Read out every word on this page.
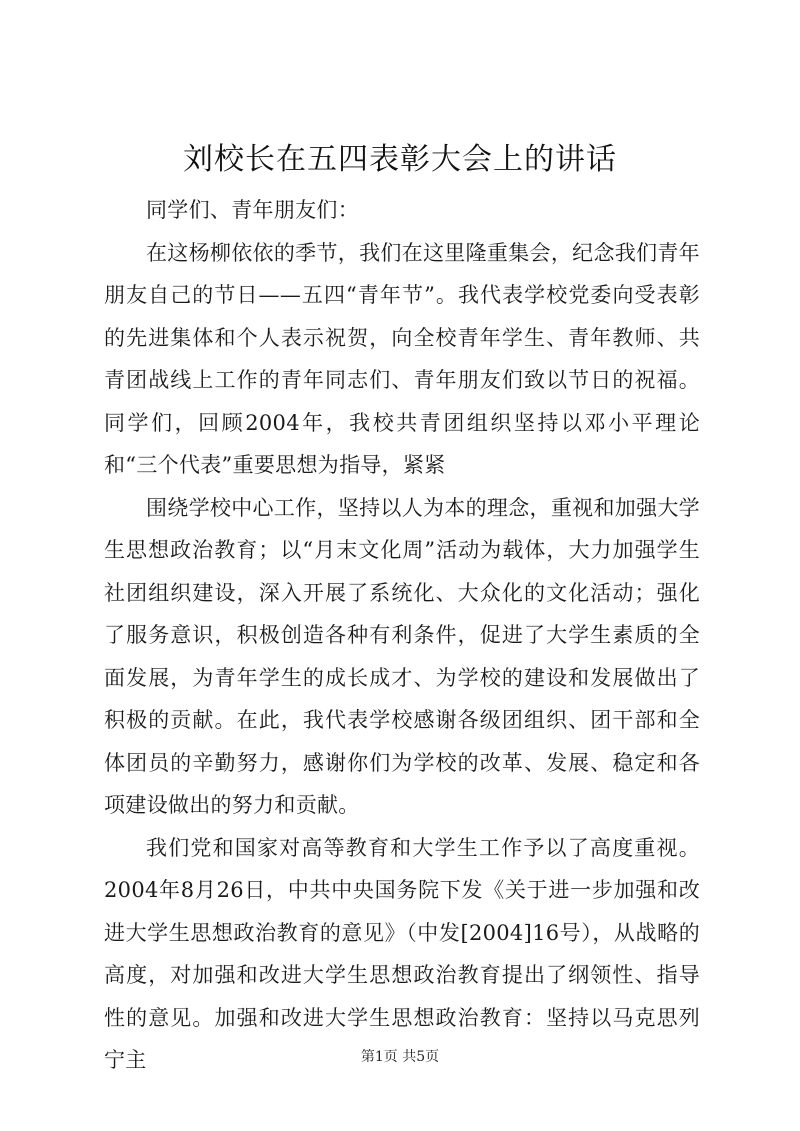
刘校长在五四表彰大会上的讲话

同学们、青年朋友们：

在这杨柳依依的季节，我们在这里隆重集会，纪念我们青年朋友自己的节日——五四“青年节”。我代表学校党委向受表彰的先进集体和个人表示祝贺，向全校青年学生、青年教师、共青团战线上工作的青年同志们、青年朋友们致以节日的祝福。同学们，回顾2004年，我校共青团组织坚持以邓小平理论和“三个代表”重要思想为指导，紧紧

围绕学校中心工作，坚持以人为本的理念，重视和加强大学生思想政治教育；以“月末文化周”活动为载体，大力加强学生社团组织建设，深入开展了系统化、大众化的文化活动；强化了服务意识，积极创造各种有利条件，促进了大学生素质的全面发展，为青年学生的成长成才、为学校的建设和发展做出了积极的贡献。在此，我代表学校感谢各级团组织、团干部和全体团员的辛勤努力，感谢你们为学校的改革、发展、稳定和各项建设做出的努力和贡献。

我们党和国家对高等教育和大学生工作予以了高度重视。2004年8月26日，中共中央国务院下发《关于进一步加强和改进大学生思想政治教育的意见》（中发[2004]16号），从战略的高度，对加强和改进大学生思想政治教育提出了纲领性、指导性的意见。加强和改进大学生思想政治教育：坚持以马克思列宁主	第1页 共5页
